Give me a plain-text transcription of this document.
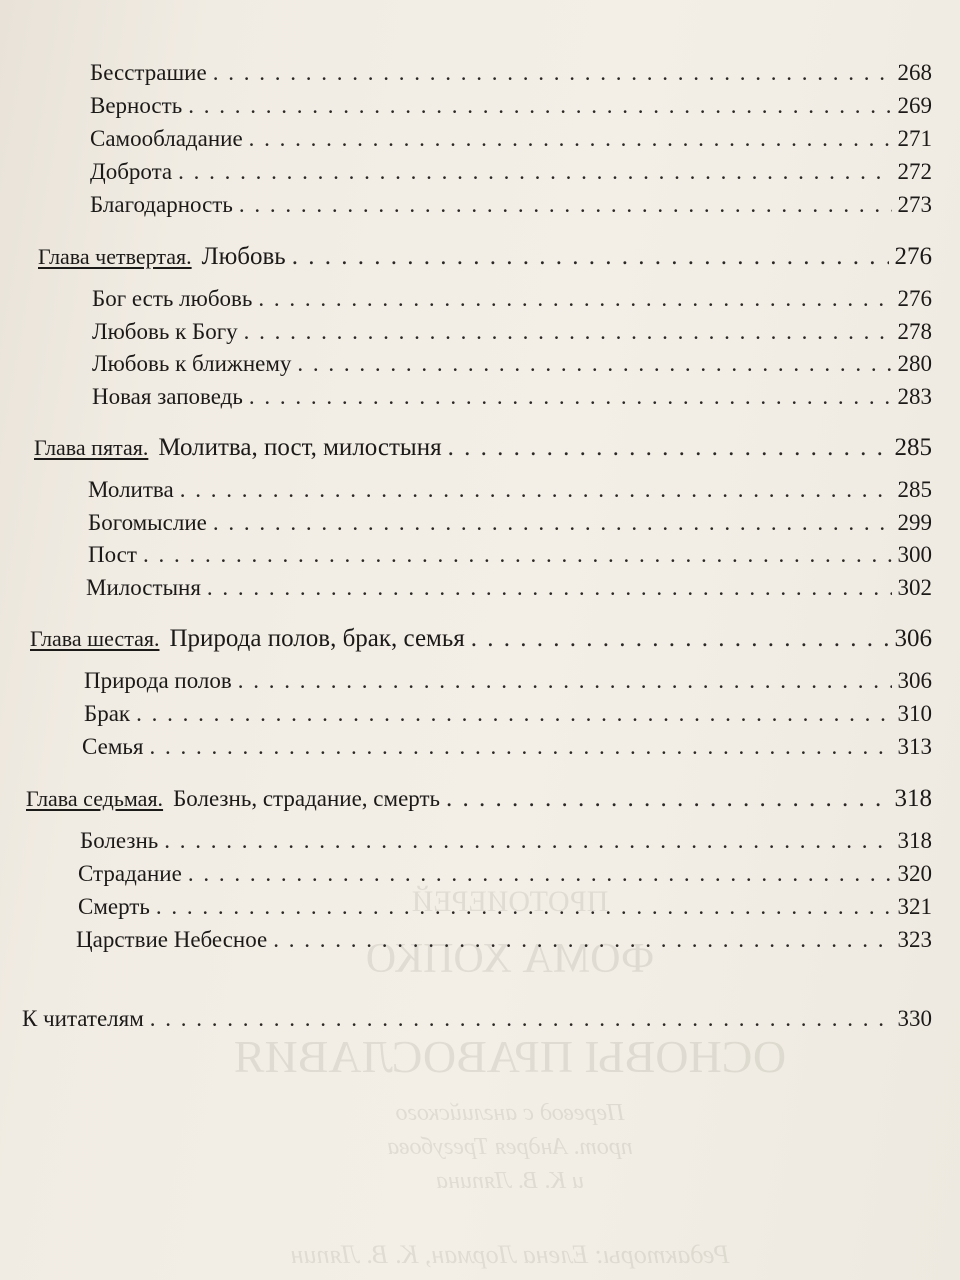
ПРОТОИЕРЕЙ
ФОМА ХОПКО
ОСНОВЫ ПРАВОСЛАВИЯ
Перевод с английского
прот. Андрея Трегубова
и К. В. Ляпина
Редакторы: Елена Лорман, К. В. Ляпин
Бесстрашие . . .	268
Верность . . .	269
Самообладание . . .	271
Доброта . . .	272
Благодарность . . .	273
Глава четвертая. Любовь . . .	276
Бог есть любовь . . .	276
Любовь к Богу . . .	278
Любовь к ближнему . . .	280
Новая заповедь . . .	283
Глава пятая. Молитва, пост, милостыня . . .	285
Молитва . . .	285
Богомыслие . . .	299
Пост . . .	300
Милостыня . . .	302
Глава шестая. Природа полов, брак, семья . . .	306
Природа полов . . .	306
Брак . . .	310
Семья . . .	313
Глава седьмая. Болезнь, страдание, смерть . . .	318
Болезнь . . .	318
Страдание . . .	320
Смерть . . .	321
Царствие Небесное . . .	323
К читателям . . .	330
